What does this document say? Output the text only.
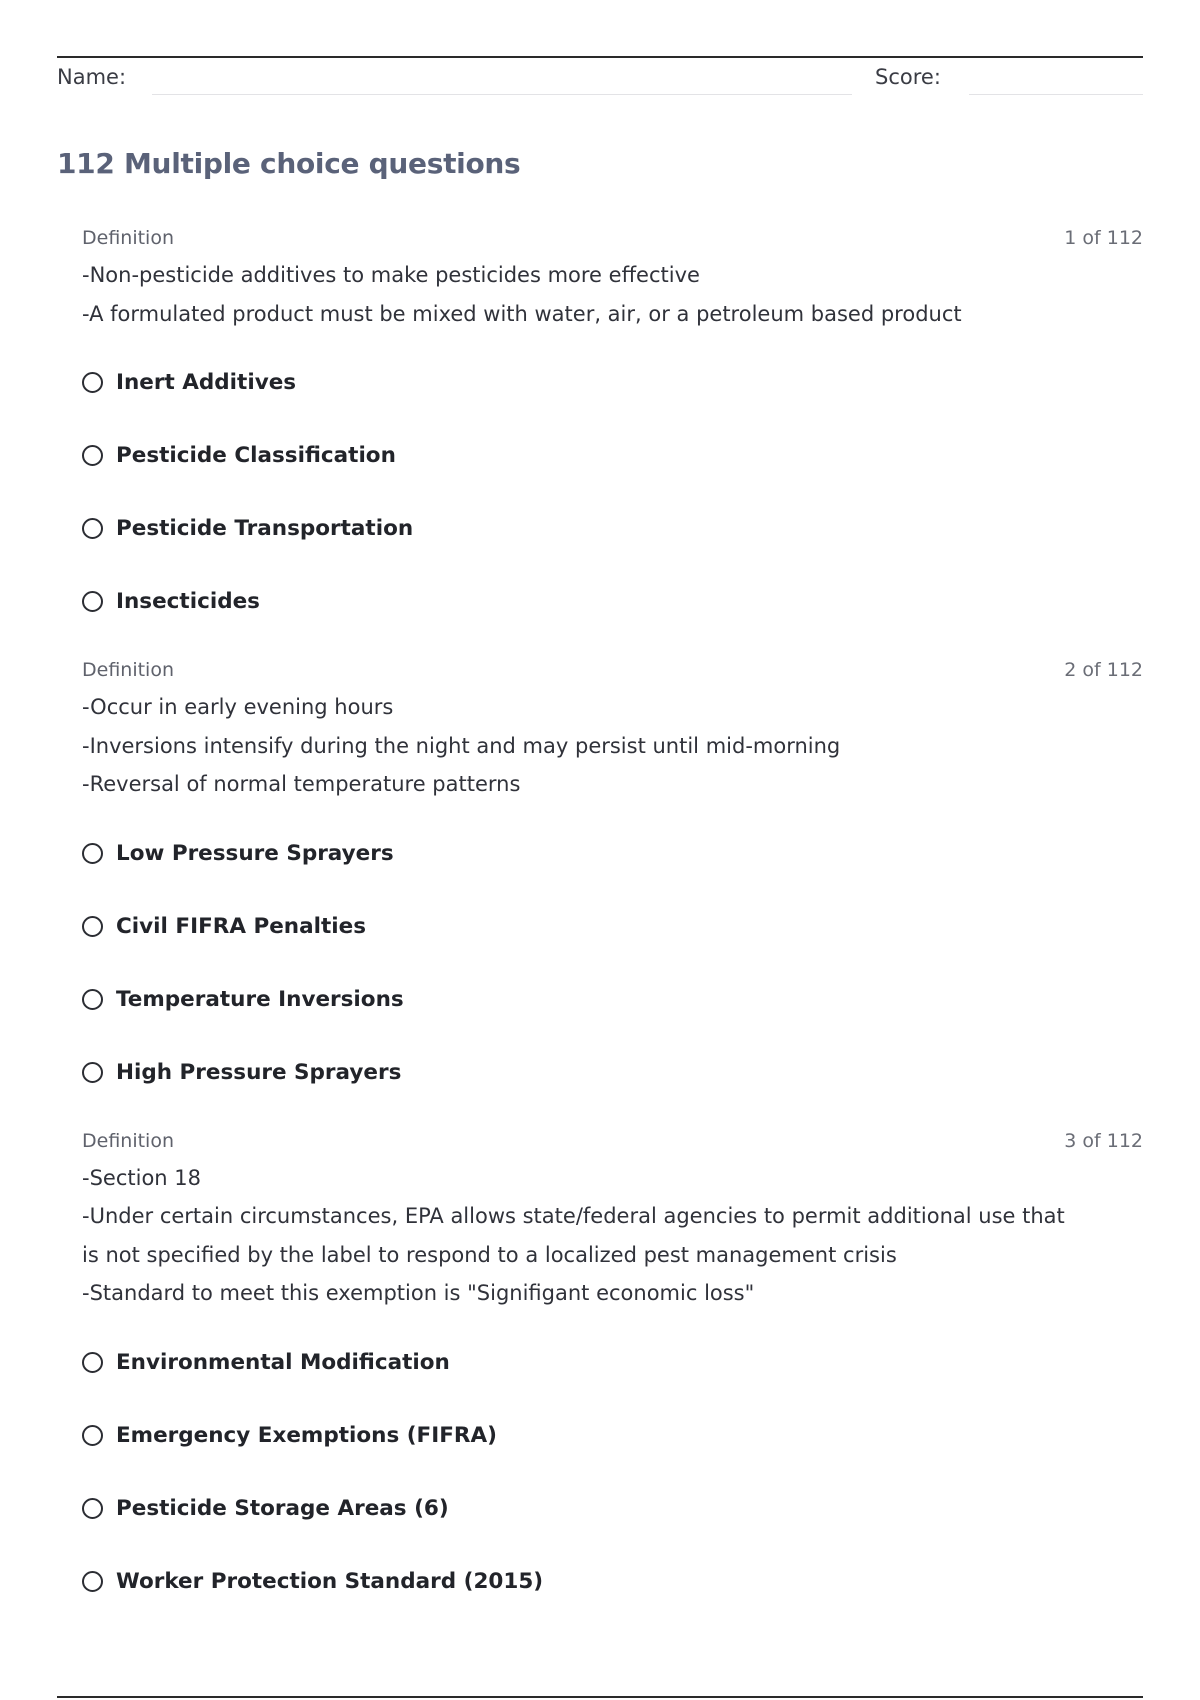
Name:	Score:
112 Multiple choice questions
Definition	1 of 112
-Non-pesticide additives to make pesticides more effective
-A formulated product must be mixed with water, air, or a petroleum based product
Inert Additives
Pesticide Classification
Pesticide Transportation
Insecticides
Definition	2 of 112
-Occur in early evening hours
-Inversions intensify during the night and may persist until mid-morning
-Reversal of normal temperature patterns
Low Pressure Sprayers
Civil FIFRA Penalties
Temperature Inversions
High Pressure Sprayers
Definition	3 of 112
-Section 18
-Under certain circumstances, EPA allows state/federal agencies to permit additional use that
is not specified by the label to respond to a localized pest management crisis
-Standard to meet this exemption is "Signifigant economic loss"
Environmental Modification
Emergency Exemptions (FIFRA)
Pesticide Storage Areas (6)
Worker Protection Standard (2015)
